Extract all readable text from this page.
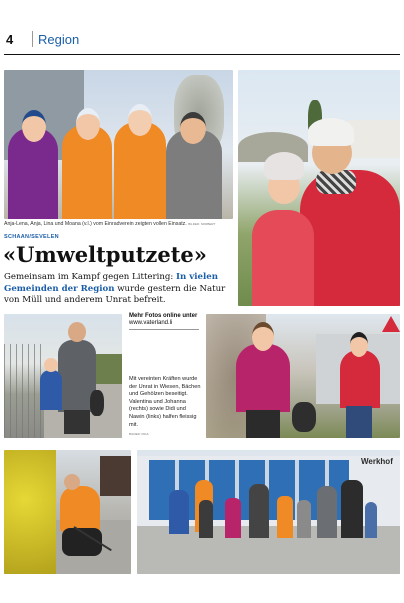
4 Region
Anja-Lena, Anja, Lina und Moana (v.l.) vom Einradverein zeigten vollen Einsatz. BILDER: NORBERT
SCHAAN/SEVELEN
«Umweltputzete»
Gemeinsam im Kampf gegen Littering: In vielen Gemeinden der Region wurde gestern die Natur von Müll und anderem Unrat befreit.
Mehr Fotos online unter
www.vaterland.li
Mit vereinten Kräften wurde der Unrat in Wiesen, Bächen und Gehölzen beseitigt. Valentina und Johanna (rechts) sowie Didi und Nawin (links) halfen fleissig mit.
BILDER: PAUL
Werkhof
